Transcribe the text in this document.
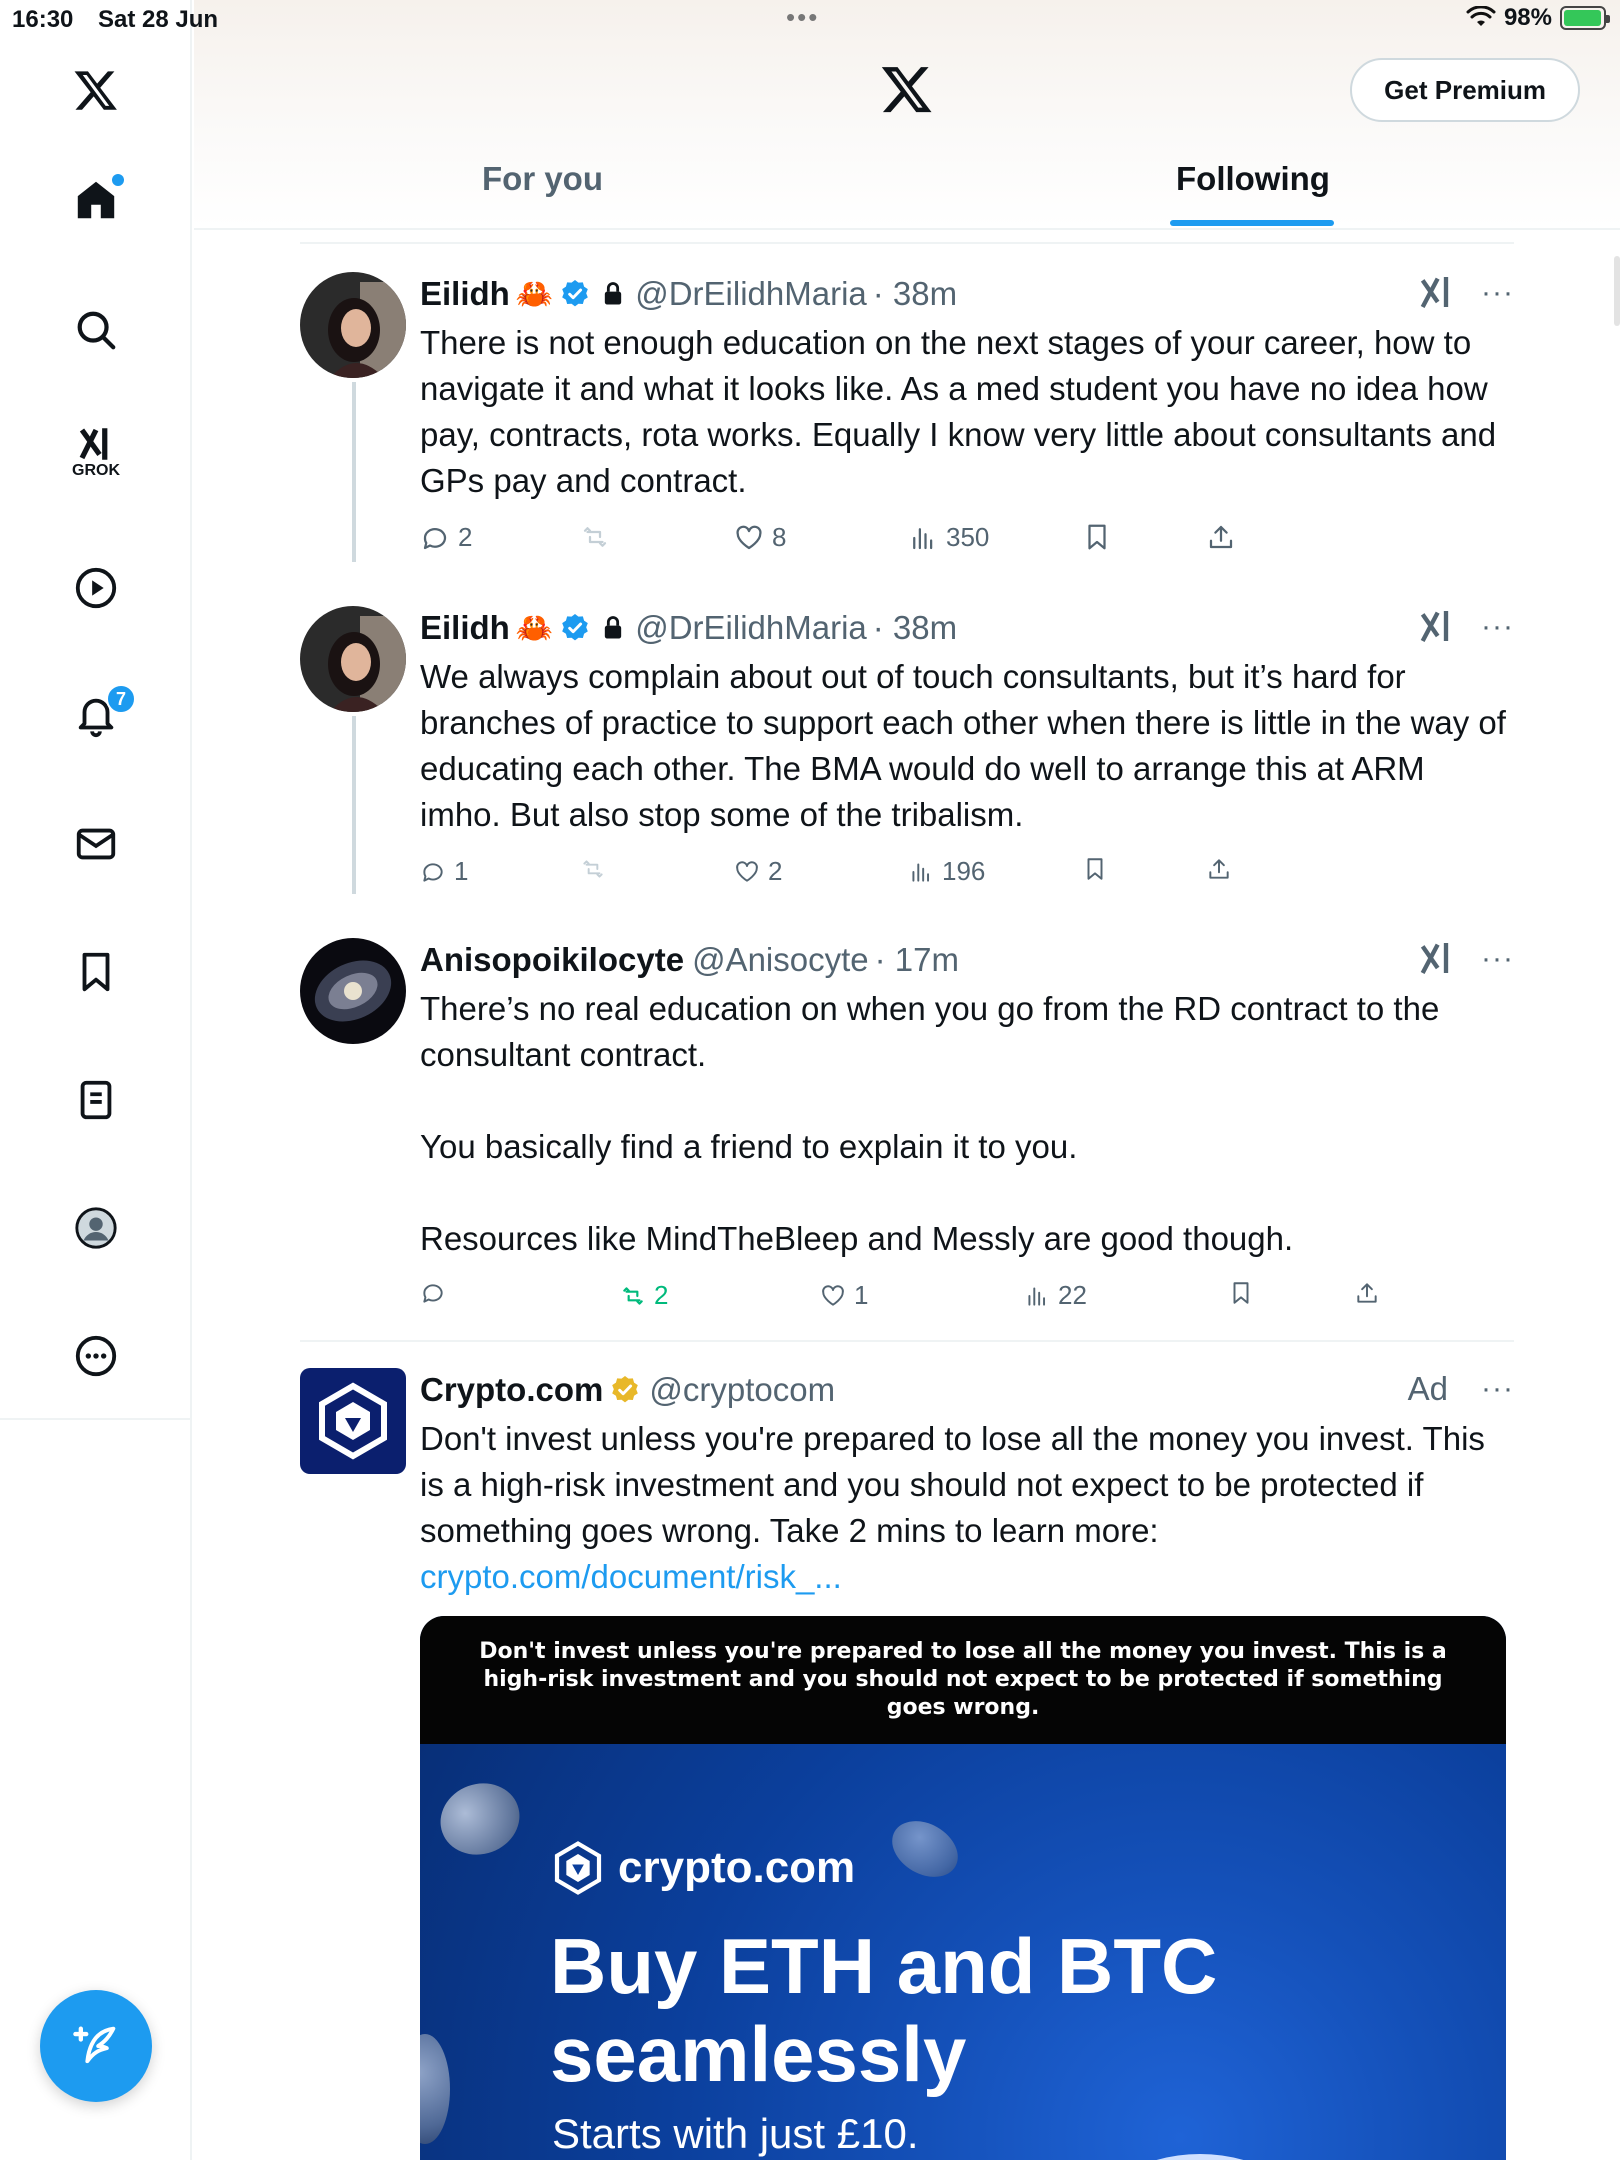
16:30 Sat 28 Jun	•••	98%
GROK
7
Get Premium
For you	Following
Eilidh 🦀 @DrEilidhMaria · 38m	···
There is not enough education on the next stages of your career, how to navigate it and what it looks like. As a med student you have no idea how pay, contracts, rota works. Equally I know very little about consultants and GPs pay and contract.
2	8	350
Eilidh 🦀 @DrEilidhMaria · 38m	···
We always complain about out of touch consultants, but it’s hard for branches of practice to support each other when there is little in the way of educating each other. The BMA would do well to arrange this at ARM imho. But also stop some of the tribalism.
1	2	196
Anisopoikilocyte @Anisocyte · 17m	···
There’s no real education on when you go from the RD contract to the consultant contract.

You basically find a friend to explain it to you.

Resources like MindTheBleep and Messly are good though.
2	1	22
Crypto.com @cryptocom	Ad ···
Don't invest unless you're prepared to lose all the money you invest. This is a high-risk investment and you should not expect to be protected if something goes wrong. Take 2 mins to learn more:
crypto.com/document/risk_...
Don't invest unless you're prepared to lose all the money you invest. This is a high-risk investment and you should not expect to be protected if something goes wrong.
crypto.com
Buy ETH and BTC seamlessly
Starts with just £10.
